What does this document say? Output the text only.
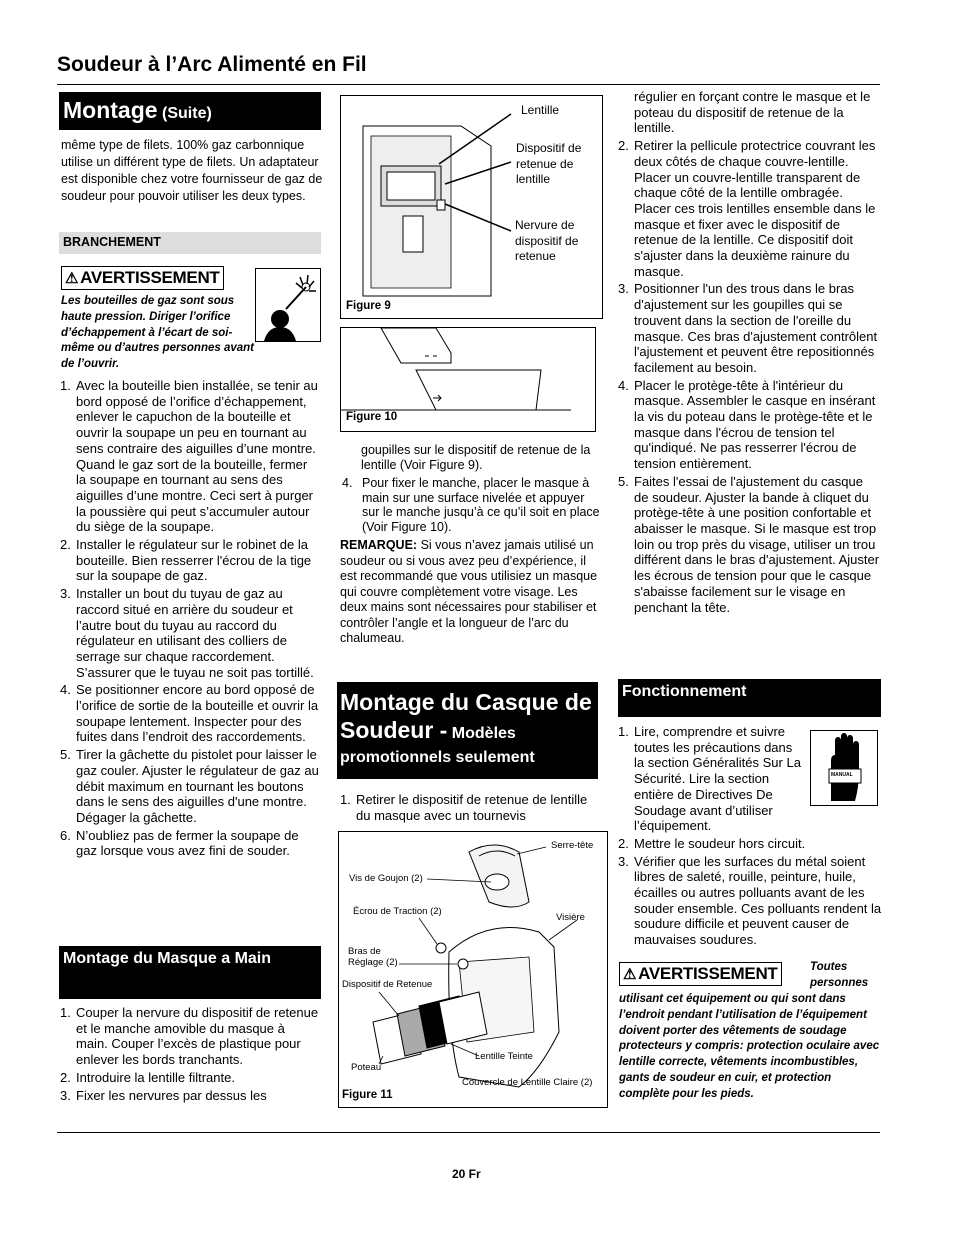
Soudeur à l’Arc Alimenté en Fil
Montage (Suite)
même type de filets. 100% gaz carbonnique utilise un différent type de filets. Un adaptateur est disponible chez votre fournisseur de gaz de soudeur pour pouvoir utiliser les deux types.
BRANCHEMENT
⚠ AVERTISSEMENT
Les bouteilles de gaz sont sous haute pression. Diriger l’orifice d’échappement à l’écart de soi-même ou d’autres personnes avant de l’ouvrir.
1. Avec la bouteille bien installée, se tenir au bord opposé de l’orifice d’échappement, enlever le capuchon de la bouteille et ouvrir la soupape un peu en tournant au sens contraire des aiguilles d’une montre. Quand le gaz sort de la bouteille, fermer la soupape en tournant au sens des aiguilles d’une montre. Ceci sert à purger la poussière qui peut s’accumuler autour du siège de la soupape.
2. Installer le régulateur sur le robinet de la bouteille. Bien resserrer l'écrou de la tige sur la soupape de gaz.
3. Installer un bout du tuyau de gaz au raccord situé en arrière du soudeur et l’autre bout du tuyau au raccord du régulateur en utilisant des colliers de serrage sur chaque raccordement. S’assurer que le tuyau ne soit pas tortillé.
4. Se positionner encore au bord opposé de l’orifice de sortie de la bouteille et ouvrir la soupape lentement. Inspecter pour des fuites dans l’endroit des raccordements.
5. Tirer la gâchette du pistolet pour laisser le gaz couler. Ajuster le régulateur de gaz au débit maximum en tournant les boutons dans le sens des aiguilles d'une montre. Dégager la gâchette.
6. N’oubliez pas de fermer la soupape de gaz lorsque vous avez fini de souder.
Montage du Masque a Main
1. Couper la nervure du dispositif de retenue et le manche amovible du masque à main. Couper l’excès de plastique pour enlever les bords tranchants.
2. Introduire la lentille filtrante.
3. Fixer les nervures par dessus les
Lentille
Dispositif de retenue de lentille
Nervure de dispositif de retenue
Figure 9
Figure 10
goupilles sur le dispositif de retenue de la lentille (Voir Figure 9).
4. Pour fixer le manche, placer le masque à main sur une surface nivelée et appuyer sur le manche jusqu’à ce qu’il soit en place (Voir Figure 10).
REMARQUE: Si vous n’avez jamais utilisé un soudeur ou si vous avez peu d’expérience, il est recommandé que vous utilisiez un masque qui couvre complètement votre visage. Les deux mains sont nécessaires pour stabiliser et contrôler l’angle et la longueur de l’arc du chalumeau.
Montage du Casque de Soudeur - Modèles promotionnels seulement
1. Retirer le dispositif de retenue de lentille du masque avec un tournevis
Serre-tête
Vis de Goujon (2)
Écrou de Traction (2)
Visière
Bras de Réglage (2)
Dispositif de Retenue
Lentille Teinte
Poteau
Couvercle de Lentille Claire (2)
Figure 11
régulier en forçant contre le masque et le poteau du dispositif de retenue de la lentille.
2. Retirer la pellicule protectrice couvrant les deux côtés de chaque couvre-lentille. Placer un couvre-lentille transparent de chaque côté de la lentille ombragée. Placer ces trois lentilles ensemble dans le masque et fixer avec le dispositif de retenue de la lentille. Ce dispositif doit s'ajuster dans la deuxième rainure du masque.
3. Positionner l'un des trous dans le bras d'ajustement sur les goupilles qui se trouvent dans la section de l'oreille du masque. Ces bras d'ajustement contrôlent l'ajustement et peuvent être repositionnés facilement au besoin.
4. Placer le protège-tête à l'intérieur du masque. Assembler le casque en insérant la vis du poteau dans le protège-tête et le masque dans l'écrou de tension tel qu'indiqué. Ne pas resserrer l'écrou de tension entièrement.
5. Faites l'essai de l'ajustement du casque de soudeur. Ajuster la bande à cliquet du protège-tête à une position confortable et abaisser le masque. Si le masque est trop loin ou trop près du visage, utiliser un trou différent dans le bras d'ajustement. Ajuster les écrous de tension pour que le casque s'abaisse facilement sur le visage en penchant la tête.
Fonctionnement
MANUAL
1. Lire, comprendre et suivre toutes les précautions dans la section Généralités Sur La Sécurité. Lire la section entière de Directives De Soudage avant d’utiliser l’équipement.
2. Mettre le soudeur hors circuit.
3. Vérifier que les surfaces du métal soient libres de saleté, rouille, peinture, huile, écailles ou autres polluants avant de les souder ensemble. Ces polluants rendent la soudure difficile et peuvent causer de mauvaises soudures.
⚠ AVERTISSEMENT	Toutes personnes
utilisant cet équipement ou qui sont dans l’endroit pendant l’utilisation de l’équipement doivent porter des vêtements de soudage protecteurs y compris: protection oculaire avec lentille correcte, vêtements incombustibles, gants de soudeur en cuir, et protection complète pour les pieds.
20 Fr
